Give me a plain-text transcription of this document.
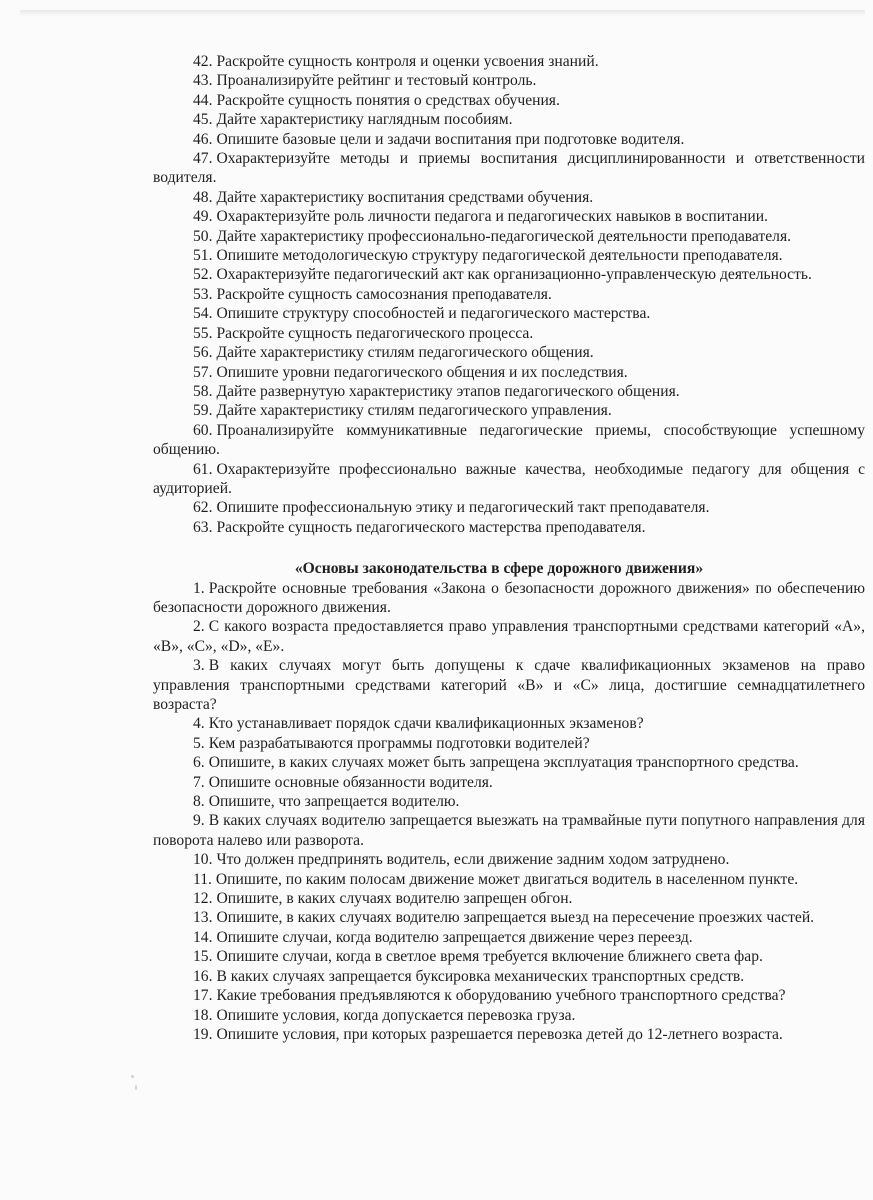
42. Раскройте сущность контроля и оценки усвоения знаний.

43. Проанализируйте рейтинг и тестовый контроль.

44. Раскройте сущность понятия о средствах обучения.

45. Дайте характеристику наглядным пособиям.

46. Опишите базовые цели и задачи воспитания при подготовке водителя.

47. Охарактеризуйте методы и приемы воспитания дисциплинированности и ответственности водителя.

48. Дайте характеристику воспитания средствами обучения.

49. Охарактеризуйте роль личности педагога и педагогических навыков в воспитании.

50. Дайте характеристику профессионально-педагогической деятельности преподавателя.

51. Опишите методологическую структуру педагогической деятельности преподавателя.

52. Охарактеризуйте педагогический акт как организационно-управленческую деятельность.

53. Раскройте сущность самосознания преподавателя.

54. Опишите структуру способностей и педагогического мастерства.

55. Раскройте сущность педагогического процесса.

56. Дайте характеристику стилям педагогического общения.

57. Опишите уровни педагогического общения и их последствия.

58. Дайте развернутую характеристику этапов педагогического общения.

59. Дайте характеристику стилям педагогического управления.

60. Проанализируйте коммуникативные педагогические приемы, способствующие успешному общению.

61. Охарактеризуйте профессионально важные качества, необходимые педагогу для общения с аудиторией.

62. Опишите профессиональную этику и педагогический такт преподавателя.

63. Раскройте сущность педагогического мастерства преподавателя.

«Основы законодательства в сфере дорожного движения»

1. Раскройте основные требования «Закона о безопасности дорожного движения» по обеспечению безопасности дорожного движения.

2. С какого возраста предоставляется право управления транспортными средствами категорий «А», «В», «С», «D», «Е».

3. В каких случаях могут быть допущены к сдаче квалификационных экзаменов на право управления транспортными средствами категорий «В» и «С» лица, достигшие семнадцатилетнего возраста?

4. Кто устанавливает порядок сдачи квалификационных экзаменов?

5. Кем разрабатываются программы подготовки водителей?

6. Опишите, в каких случаях может быть запрещена эксплуатация транспортного средства.

7. Опишите основные обязанности водителя.

8. Опишите, что запрещается водителю.

9. В каких случаях водителю запрещается выезжать на трамвайные пути попутного направления для поворота налево или разворота.

10. Что должен предпринять водитель, если движение задним ходом затруднено.

11. Опишите, по каким полосам движение может двигаться водитель в населенном пункте.

12. Опишите, в каких случаях водителю запрещен обгон.

13. Опишите, в каких случаях водителю запрещается выезд на пересечение проезжих частей.

14. Опишите случаи, когда водителю запрещается движение через переезд.

15. Опишите случаи, когда в светлое время требуется включение ближнего света фар.

16. В каких случаях запрещается буксировка механических транспортных средств.

17. Какие требования предъявляются к оборудованию учебного транспортного средства?

18. Опишите условия, когда допускается перевозка груза.

19. Опишите условия, при которых разрешается перевозка детей до 12-летнего возраста.
